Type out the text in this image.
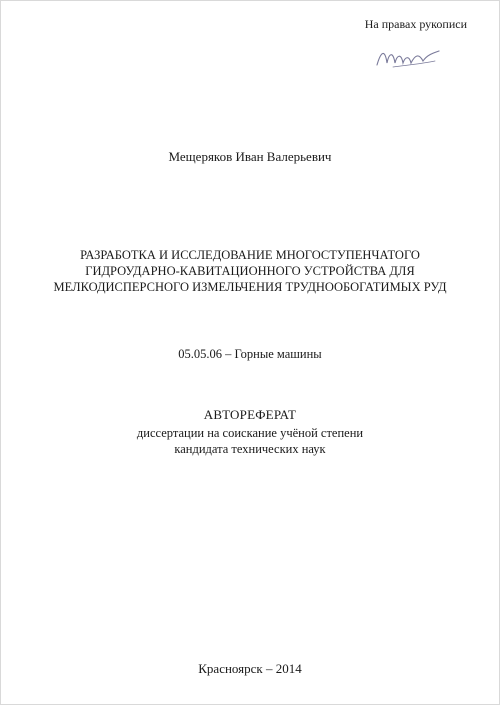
На правах рукописи
Мещеряков Иван Валерьевич
РАЗРАБОТКА И ИССЛЕДОВАНИЕ МНОГОСТУПЕНЧАТОГО
ГИДРОУДАРНО-КАВИТАЦИОННОГО УСТРОЙСТВА ДЛЯ
МЕЛКОДИСПЕРСНОГО ИЗМЕЛЬЧЕНИЯ ТРУДНООБОГАТИМЫХ РУД
05.05.06 – Горные машины
АВТОРЕФЕРАТ
диссертации на соискание учёной степени
кандидата технических наук
Красноярск – 2014
